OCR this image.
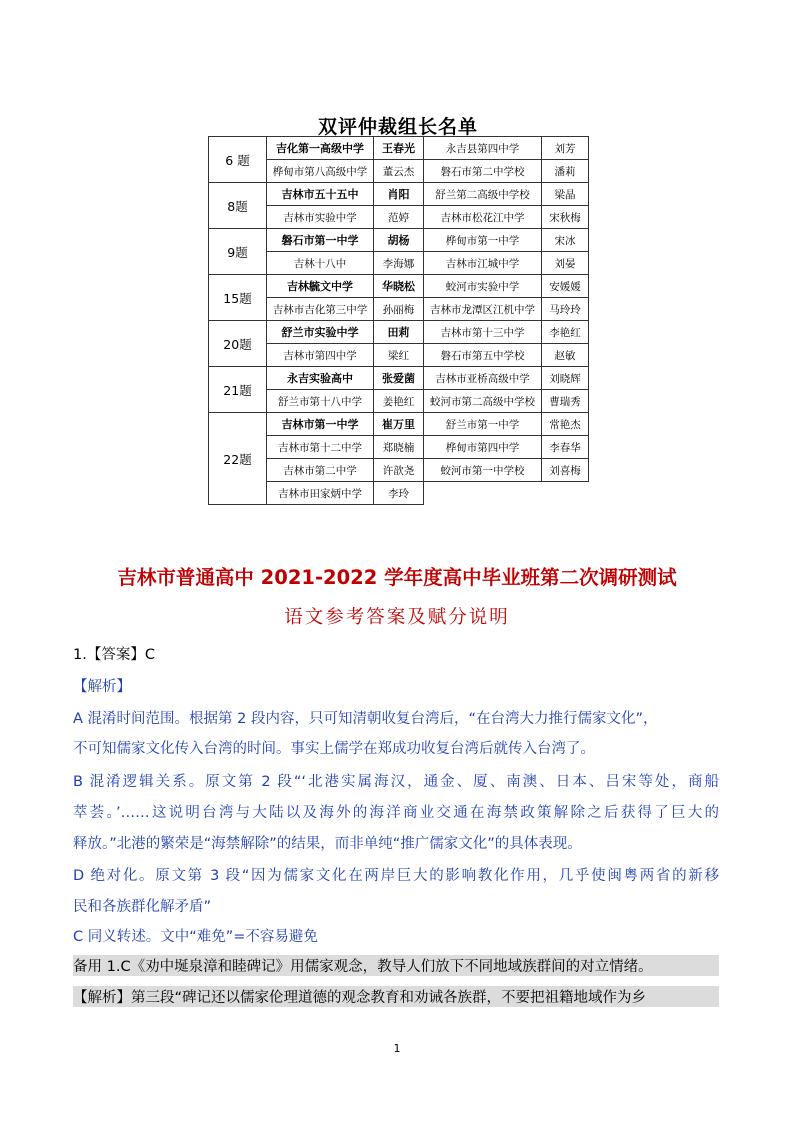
双评仲裁组长名单
6 题	吉化第一高级中学	王春光	永吉县第四中学	刘芳
	桦甸市第八高级中学	董云杰	磐石市第二中学校	潘莉
8题	吉林市五十五中	肖阳	舒兰第二高级中学校	梁晶
	吉林市实验中学	范婷	吉林市松花江中学	宋秋梅
9题	磐石市第一中学	胡杨	桦甸市第一中学	宋冰
	吉林十八中	李海娜	吉林市江城中学	刘晏
15题	吉林毓文中学	华晓松	蛟河市实验中学	安媛媛
	吉林市吉化第三中学	孙丽梅	吉林市龙潭区江机中学	马玲玲
20题	舒兰市实验中学	田莉	吉林市第十三中学	李艳红
	吉林市第四中学	梁红	磐石市第五中学校	赵敏
21题	永吉实验高中	张爱菌	吉林市亚桥高级中学	刘晓辉
	舒兰市第十八中学	姜艳红	蛟河市第二高级中学校	曹瑞秀
22题	吉林市第一中学	崔万里	舒兰市第一中学	常艳杰
	吉林市第十二中学	郑晓楠	桦甸市第四中学	李春华
	吉林市第二中学	许歆尧	蛟河市第一中学校	刘喜梅
	吉林市田家炳中学	李玲		
吉林市普通高中 2021-2022 学年度高中毕业班第二次调研测试
语文参考答案及赋分说明
1.【答案】C
【解析】
A 混淆时间范围。根据第 2 段内容，只可知清朝收复台湾后，“在台湾大力推行儒家文化”，
不可知儒家文化传入台湾的时间。事实上儒学在郑成功收复台湾后就传入台湾了。
B 混淆逻辑关系。原文第 2 段“‘北港实属海汉，通金、厦、南澳、日本、吕宋等处，商船
萃荟。’……这说明台湾与大陆以及海外的海洋商业交通在海禁政策解除之后获得了巨大的
释放。”北港的繁荣是“海禁解除”的结果，而非单纯“推广儒家文化”的具体表现。
D 绝对化。原文第 3 段“因为儒家文化在两岸巨大的影响教化作用，几乎使闽粤两省的新移
民和各族群化解矛盾”
C 同义转述。文中“难免”=不容易避免
备用 1.C《劝中埏泉漳和睦碑记》用儒家观念，教导人们放下不同地域族群间的对立情绪。
【解析】第三段“碑记还以儒家伦理道德的观念教育和劝诫各族群，不要把祖籍地域作为乡
1
